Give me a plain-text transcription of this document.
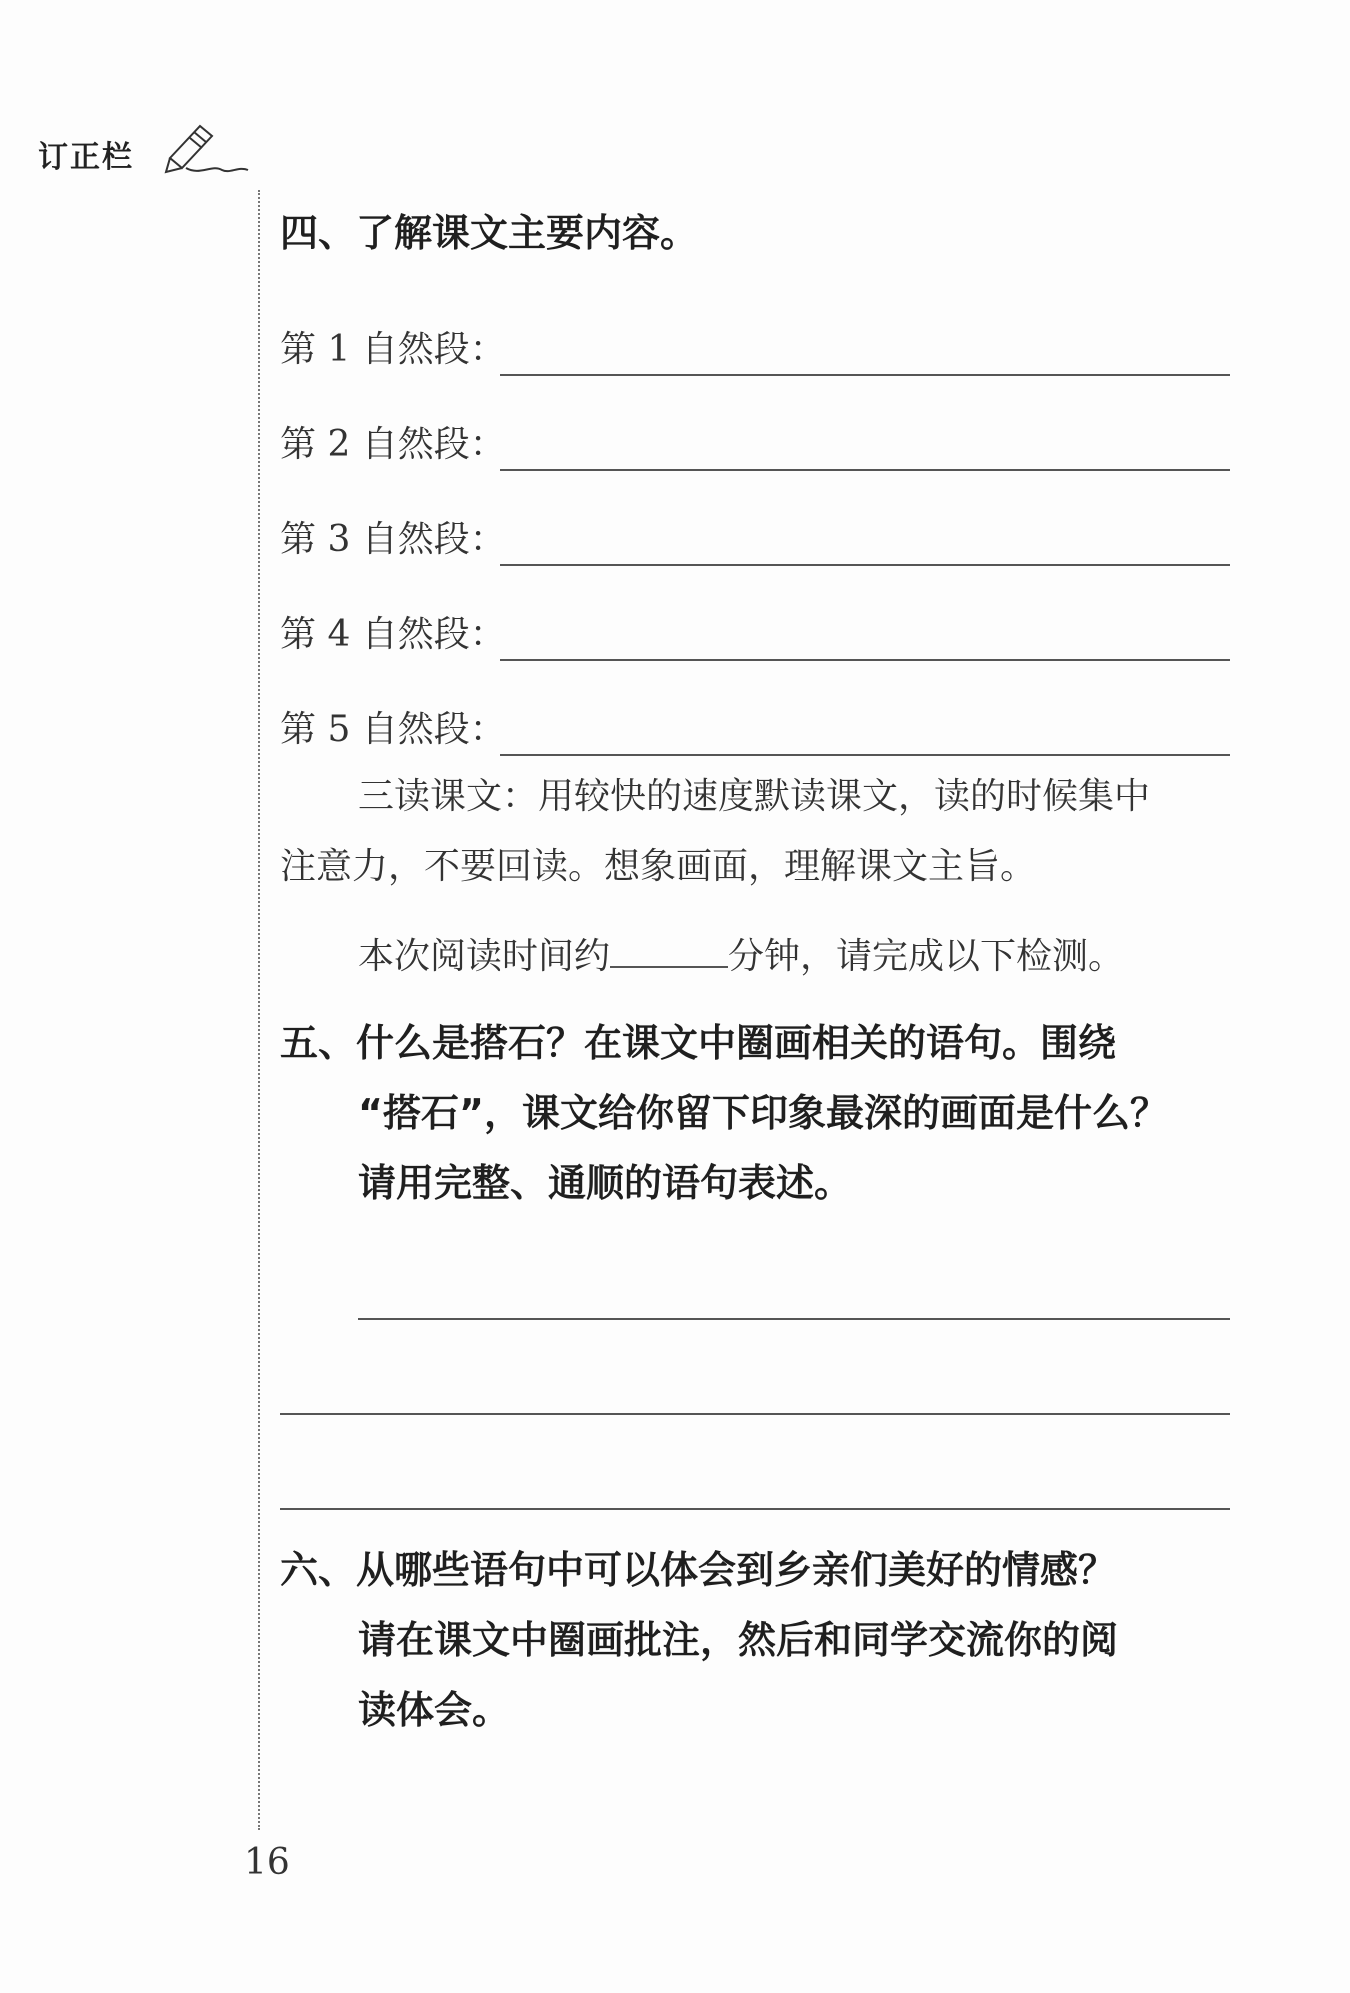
订正栏
四、了解课文主要内容。
第 1 自然段：
第 2 自然段：
第 3 自然段：
第 4 自然段：
第 5 自然段：
三读课文：用较快的速度默读课文，读的时候集中
注意力，不要回读。想象画面，理解课文主旨。
本次阅读时间约	分钟，请完成以下检测。
五、什么是搭石？在课文中圈画相关的语句。围绕
“搭石”，课文给你留下印象最深的画面是什么？
请用完整、通顺的语句表述。
六、从哪些语句中可以体会到乡亲们美好的情感？
请在课文中圈画批注，然后和同学交流你的阅
读体会。
16
